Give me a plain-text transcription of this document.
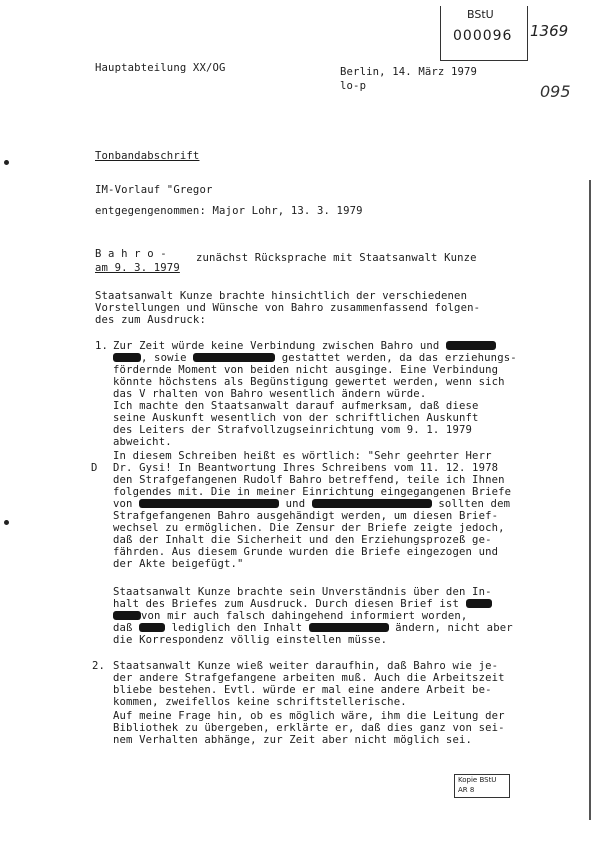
BStU
000096 1369
095
Hauptabteilung XX/OG	Berlin, 14. März 1979
lo-p
Tonbandabschrift
IM-Vorlauf "Gregor
entgegengenommen: Major Lohr, 13. 3. 1979
B a h r o -	zunächst Rücksprache mit Staatsanwalt Kunze
am 9. 3. 1979
Staatsanwalt Kunze brachte hinsichtlich der verschiedenen
Vorstellungen und Wünsche von Bahro zusammenfassend folgen-
des zum Ausdruck:
1. Zur Zeit würde keine Verbindung zwischen Bahro und
, sowie	gestattet werden, da das erziehungs-
fördernde Moment von beiden nicht ausginge. Eine Verbindung
könnte höchstens als Begünstigung gewertet werden, wenn sich
das V rhalten von Bahro wesentlich ändern würde.
Ich machte den Staatsanwalt darauf aufmerksam, daß diese
seine Auskunft wesentlich von der schriftlichen Auskunft
des Leiters der Strafvollzugseinrichtung vom 9. 1. 1979
abweicht.
In diesem Schreiben heißt es wörtlich: "Sehr geehrter Herr
D Dr. Gysi! In Beantwortung Ihres Schreibens vom 11. 12. 1978
den Strafgefangenen Rudolf Bahro betreffend, teile ich Ihnen
folgendes mit. Die in meiner Einrichtung eingegangenen Briefe
von	und	sollten dem
Strafgefangenen Bahro ausgehändigt werden, um diesen Brief-
wechsel zu ermöglichen. Die Zensur der Briefe zeigte jedoch,
daß der Inhalt die Sicherheit und den Erziehungsprozeß ge-
fährden. Aus diesem Grunde wurden die Briefe eingezogen und
der Akte beigefügt."
Staatsanwalt Kunze brachte sein Unverständnis über den In-
halt des Briefes zum Ausdruck. Durch diesen Brief ist
von mir auch falsch dahingehend informiert worden,
daß	lediglich den Inhalt	ändern, nicht aber
die Korrespondenz völlig einstellen müsse.
2. Staatsanwalt Kunze wieß weiter daraufhin, daß Bahro wie je-
der andere Strafgefangene arbeiten muß. Auch die Arbeitszeit
bliebe bestehen. Evtl. würde er mal eine andere Arbeit be-
kommen, zweifellos keine schriftstellerische.
Auf meine Frage hin, ob es möglich wäre, ihm die Leitung der
Bibliothek zu übergeben, erklärte er, daß dies ganz von sei-
nem Verhalten abhänge, zur Zeit aber nicht möglich sei.
Kopie BStU
AR 8
